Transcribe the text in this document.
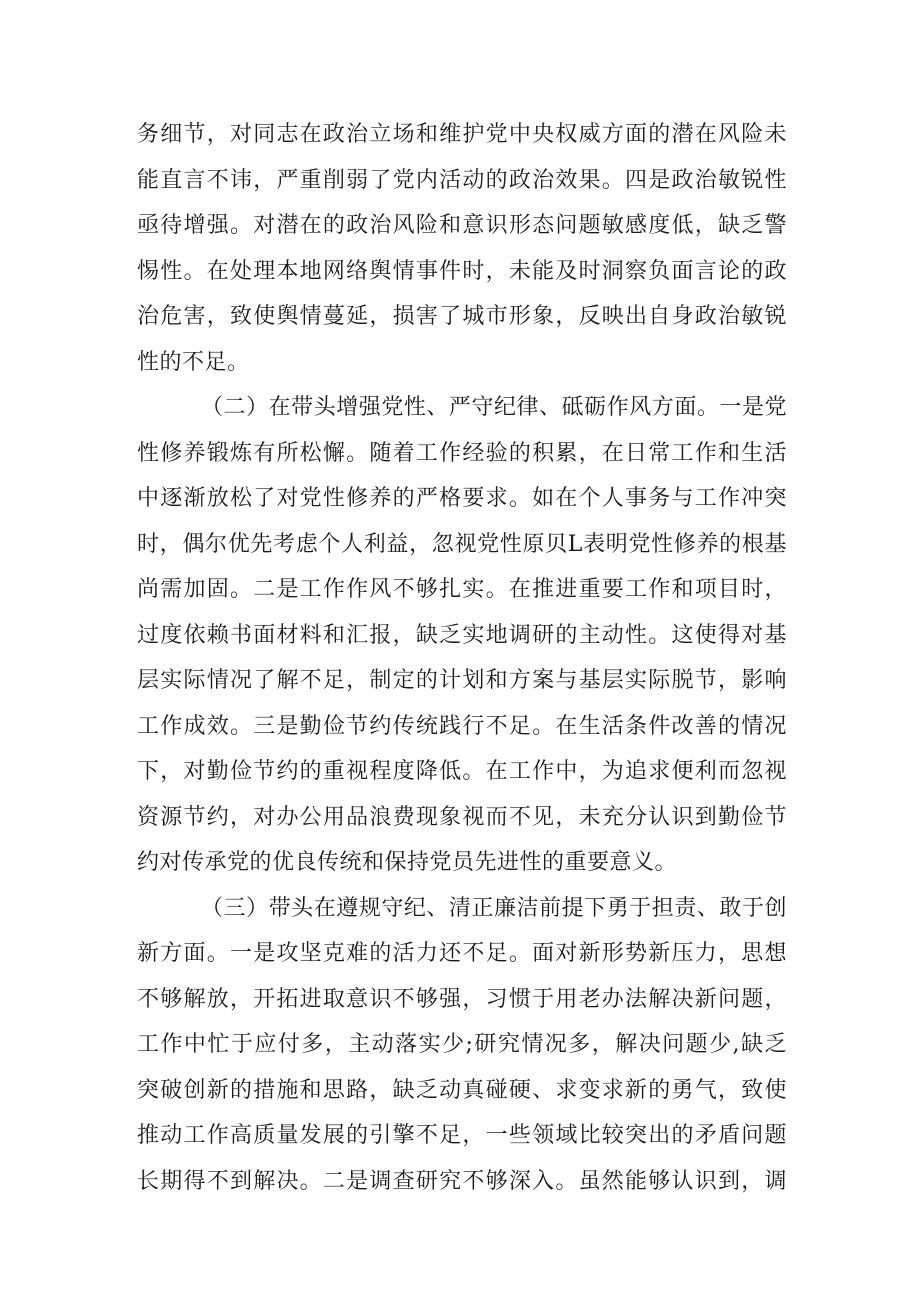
务细节，对同志在政治立场和维护党中央权威方面的潜在风险未
能直言不讳，严重削弱了党内活动的政治效果。四是政治敏锐性
亟待增强。对潜在的政治风险和意识形态问题敏感度低，缺乏警
惕性。在处理本地网络舆情事件时，未能及时洞察负面言论的政
治危害，致使舆情蔓延，损害了城市形象，反映出自身政治敏锐
性的不足。
（二）在带头增强党性、严守纪律、砥砺作风方面。一是党
性修养锻炼有所松懈。随着工作经验的积累，在日常工作和生活
中逐渐放松了对党性修养的严格要求。如在个人事务与工作冲突
时，偶尔优先考虑个人利益，忽视党性原贝L表明党性修养的根基
尚需加固。二是工作作风不够扎实。在推进重要工作和项目时，
过度依赖书面材料和汇报，缺乏实地调研的主动性。这使得对基
层实际情况了解不足，制定的计划和方案与基层实际脱节，影响
工作成效。三是勤俭节约传统践行不足。在生活条件改善的情况
下，对勤俭节约的重视程度降低。在工作中，为追求便利而忽视
资源节约，对办公用品浪费现象视而不见，未充分认识到勤俭节
约对传承党的优良传统和保持党员先进性的重要意义。
（三）带头在遵规守纪、清正廉洁前提下勇于担责、敢于创
新方面。一是攻坚克难的活力还不足。面对新形势新压力，思想
不够解放，开拓进取意识不够强，习惯于用老办法解决新问题，
工作中忙于应付多，主动落实少;研究情况多，解决问题少,缺乏
突破创新的措施和思路，缺乏动真碰硬、求变求新的勇气，致使
推动工作高质量发展的引擎不足，一些领域比较突出的矛盾问题
长期得不到解决。二是调查研究不够深入。虽然能够认识到，调
